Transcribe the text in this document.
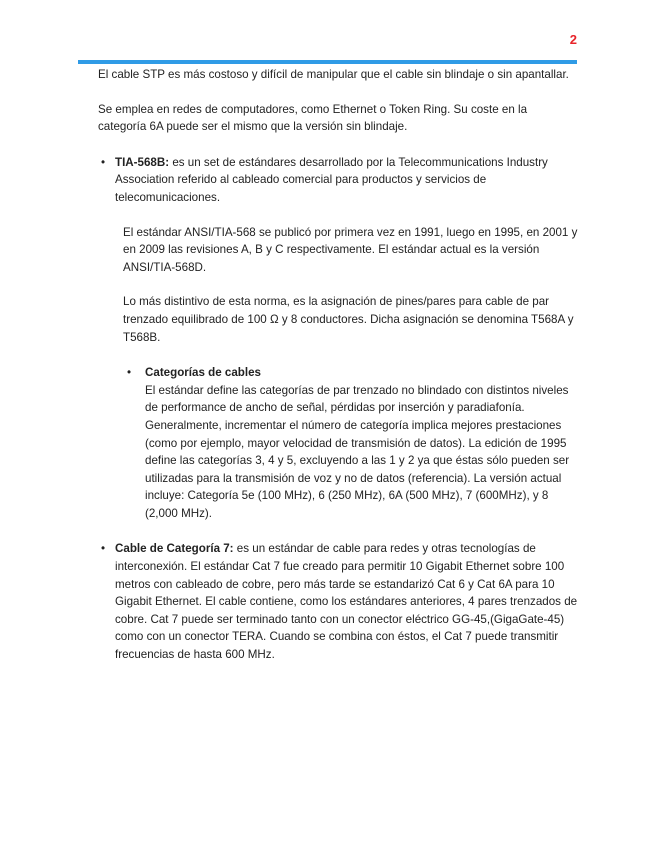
2

El cable STP es más costoso y difícil de manipular que el cable sin blindaje o sin apantallar.

Se emplea en redes de computadores, como Ethernet o Token Ring. Su coste en la categoría 6A puede ser el mismo que la versión sin blindaje.

• TIA-568B: es un set de estándares desarrollado por la Telecommunications Industry Association referido al cableado comercial para productos y servicios de telecomunicaciones.

El estándar ANSI/TIA-568 se publicó por primera vez en 1991, luego en 1995, en 2001 y en 2009 las revisiones A, B y C respectivamente. El estándar actual es la versión ANSI/TIA-568D.

Lo más distintivo de esta norma, es la asignación de pines/pares para cable de par trenzado equilibrado de 100 Ω y 8 conductores. Dicha asignación se denomina T568A y T568B.

• Categorías de cables

El estándar define las categorías de par trenzado no blindado con distintos niveles de performance de ancho de señal, pérdidas por inserción y paradiafonía. Generalmente, incrementar el número de categoría implica mejores prestaciones (como por ejemplo, mayor velocidad de transmisión de datos). La edición de 1995 define las categorías 3, 4 y 5, excluyendo a las 1 y 2 ya que éstas sólo pueden ser utilizadas para la transmisión de voz y no de datos (referencia). La versión actual incluye: Categoría 5e (100 MHz), 6 (250 MHz), 6A (500 MHz), 7 (600MHz), y 8 (2,000 MHz).

• Cable de Categoría 7: es un estándar de cable para redes y otras tecnologías de interconexión. El estándar Cat 7 fue creado para permitir 10 Gigabit Ethernet sobre 100 metros con cableado de cobre, pero más tarde se estandarizó Cat 6 y Cat 6A para 10 Gigabit Ethernet. El cable contiene, como los estándares anteriores, 4 pares trenzados de cobre. Cat 7 puede ser terminado tanto con un conector eléctrico GG-45,(GigaGate-45) como con un conector TERA. Cuando se combina con éstos, el Cat 7 puede transmitir frecuencias de hasta 600 MHz.
